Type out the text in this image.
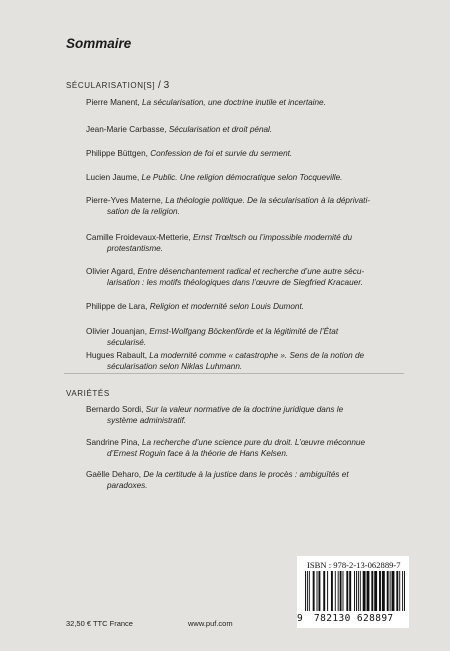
Sommaire
SÉCULARISATION[S] / 3
Pierre Manent, La sécularisation, une doctrine inutile et incertaine.
Jean-Marie Carbasse, Sécularisation et droit pénal.
Philippe Büttgen, Confession de foi et survie du serment.
Lucien Jaume, Le Public. Une religion démocratique selon Tocqueville.
Pierre-Yves Materne, La théologie politique. De la sécularisation à la déprivati-
sation de la religion.
Camille Froidevaux-Metterie, Ernst Trœltsch ou l’impossible modernité du
protestantisme.
Olivier Agard, Entre désenchantement radical et recherche d’une autre sécu-
larisation : les motifs théologiques dans l’œuvre de Siegfried Kracauer.
Philippe de Lara, Religion et modernité selon Louis Dumont.
Olivier Jouanjan, Ernst-Wolfgang Böckenförde et la légitimité de l’État
sécularisé.
Hugues Rabault, La modernité comme « catastrophe ». Sens de la notion de
sécularisation selon Niklas Luhmann.
VARIÉTÉS
Bernardo Sordi, Sur la valeur normative de la doctrine juridique dans le
système administratif.
Sandrine Pina, La recherche d’une science pure du droit. L’œuvre méconnue
d’Ernest Roguin face à la théorie de Hans Kelsen.
Gaëlle Deharo, De la certitude à la justice dans le procès : ambiguïtés et
paradoxes.
ISBN : 978-2-13-062889-7
9 782130 628897
32,50 € TTC France	www.puf.com
